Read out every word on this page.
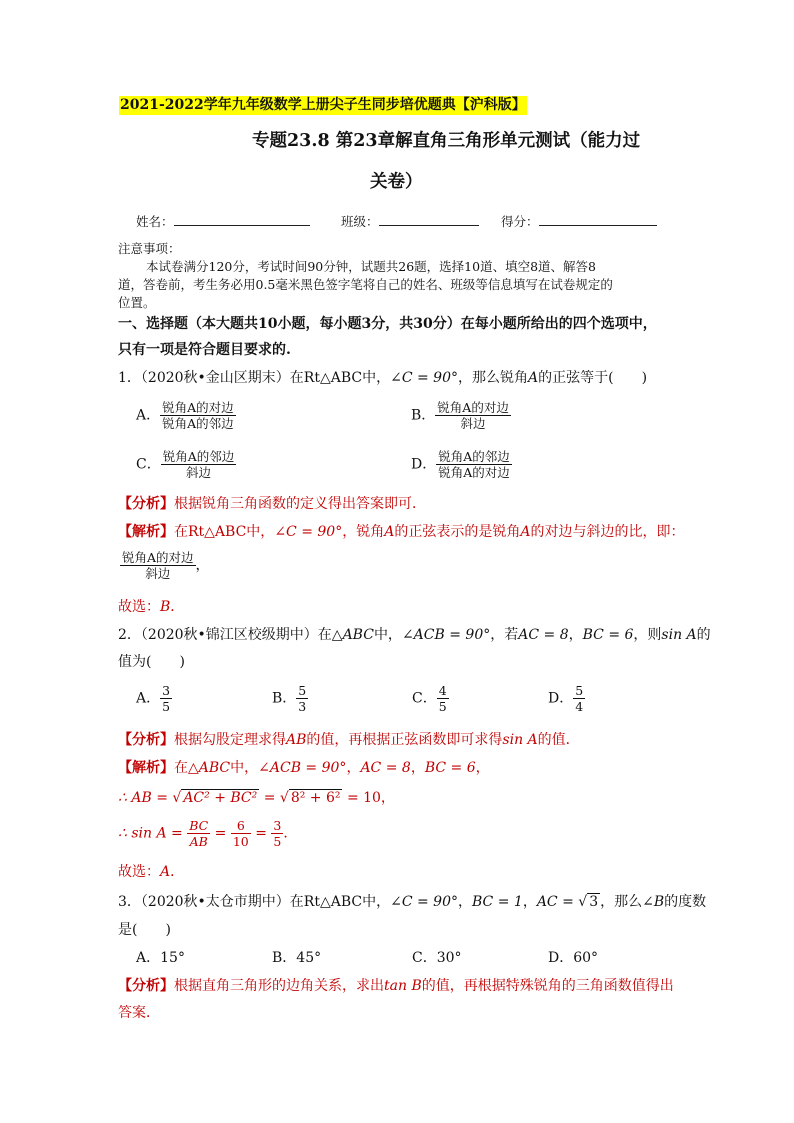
2021-2022学年九年级数学上册尖子生同步培优题典【沪科版】
专题23.8 第23章解直角三角形单元测试（能力过
关卷）
姓名：	班级：	得分：
注意事项：
本试卷满分120分，考试时间90分钟，试题共26题，选择10道、填空8道、解答8
道，答卷前，考生务必用0.5毫米黑色签字笔将自己的姓名、班级等信息填写在试卷规定的
位置。
一、选择题（本大题共10小题，每小题3分，共30分）在每小题所给出的四个选项中，
只有一项是符合题目要求的.
1．（2020秋•金山区期末）在Rt△ABC中，∠C = 90°，那么锐角A的正弦等于(　　)
A． $\frac{\text{锐角A的对边}}{\text{锐角A的邻边}}$	B． $\frac{\text{锐角A的对边}}{\text{斜边}}$
C． $\frac{\text{锐角A的邻边}}{\text{斜边}}$	D． $\frac{\text{锐角A的邻边}}{\text{锐角A的对边}}$
【分析】根据锐角三角函数的定义得出答案即可．
【解析】在Rt△ABC中，∠C = 90°，锐角A的正弦表示的是锐角A的对边与斜边的比，即：
$\frac{\text{锐角A的对边}}{\text{斜边}}$ ，
故选：B．
2．（2020秋•锦江区校级期中）在△ABC中，∠ACB = 90°，若AC = 8，BC = 6，则sin A的
值为(　　)
A． $\frac{3}{5}$	B． $\frac{5}{3}$	C． $\frac{4}{5}$	D． $\frac{5}{4}$
【分析】根据勾股定理求得AB的值，再根据正弦函数即可求得sin A的值．
【解析】在△ABC中，∠ACB = 90°，AC = 8，BC = 6，
∴ AB = √ AC² + BC² = √ 8² + 6² = 10，
∴ $\sin A = \frac{BC}{AB} = \frac{6}{10} = \frac{3}{5}$ ．
故选：A．
3．（2020秋•太仓市期中）在Rt△ABC中，∠C = 90°，BC = 1，AC = √ 3 ，那么∠B的度数
是(　　)
A．15°	B．45°	C．30°	D．60°
【分析】根据直角三角形的边角关系，求出tan B的值，再根据特殊锐角的三角函数值得出
答案．
